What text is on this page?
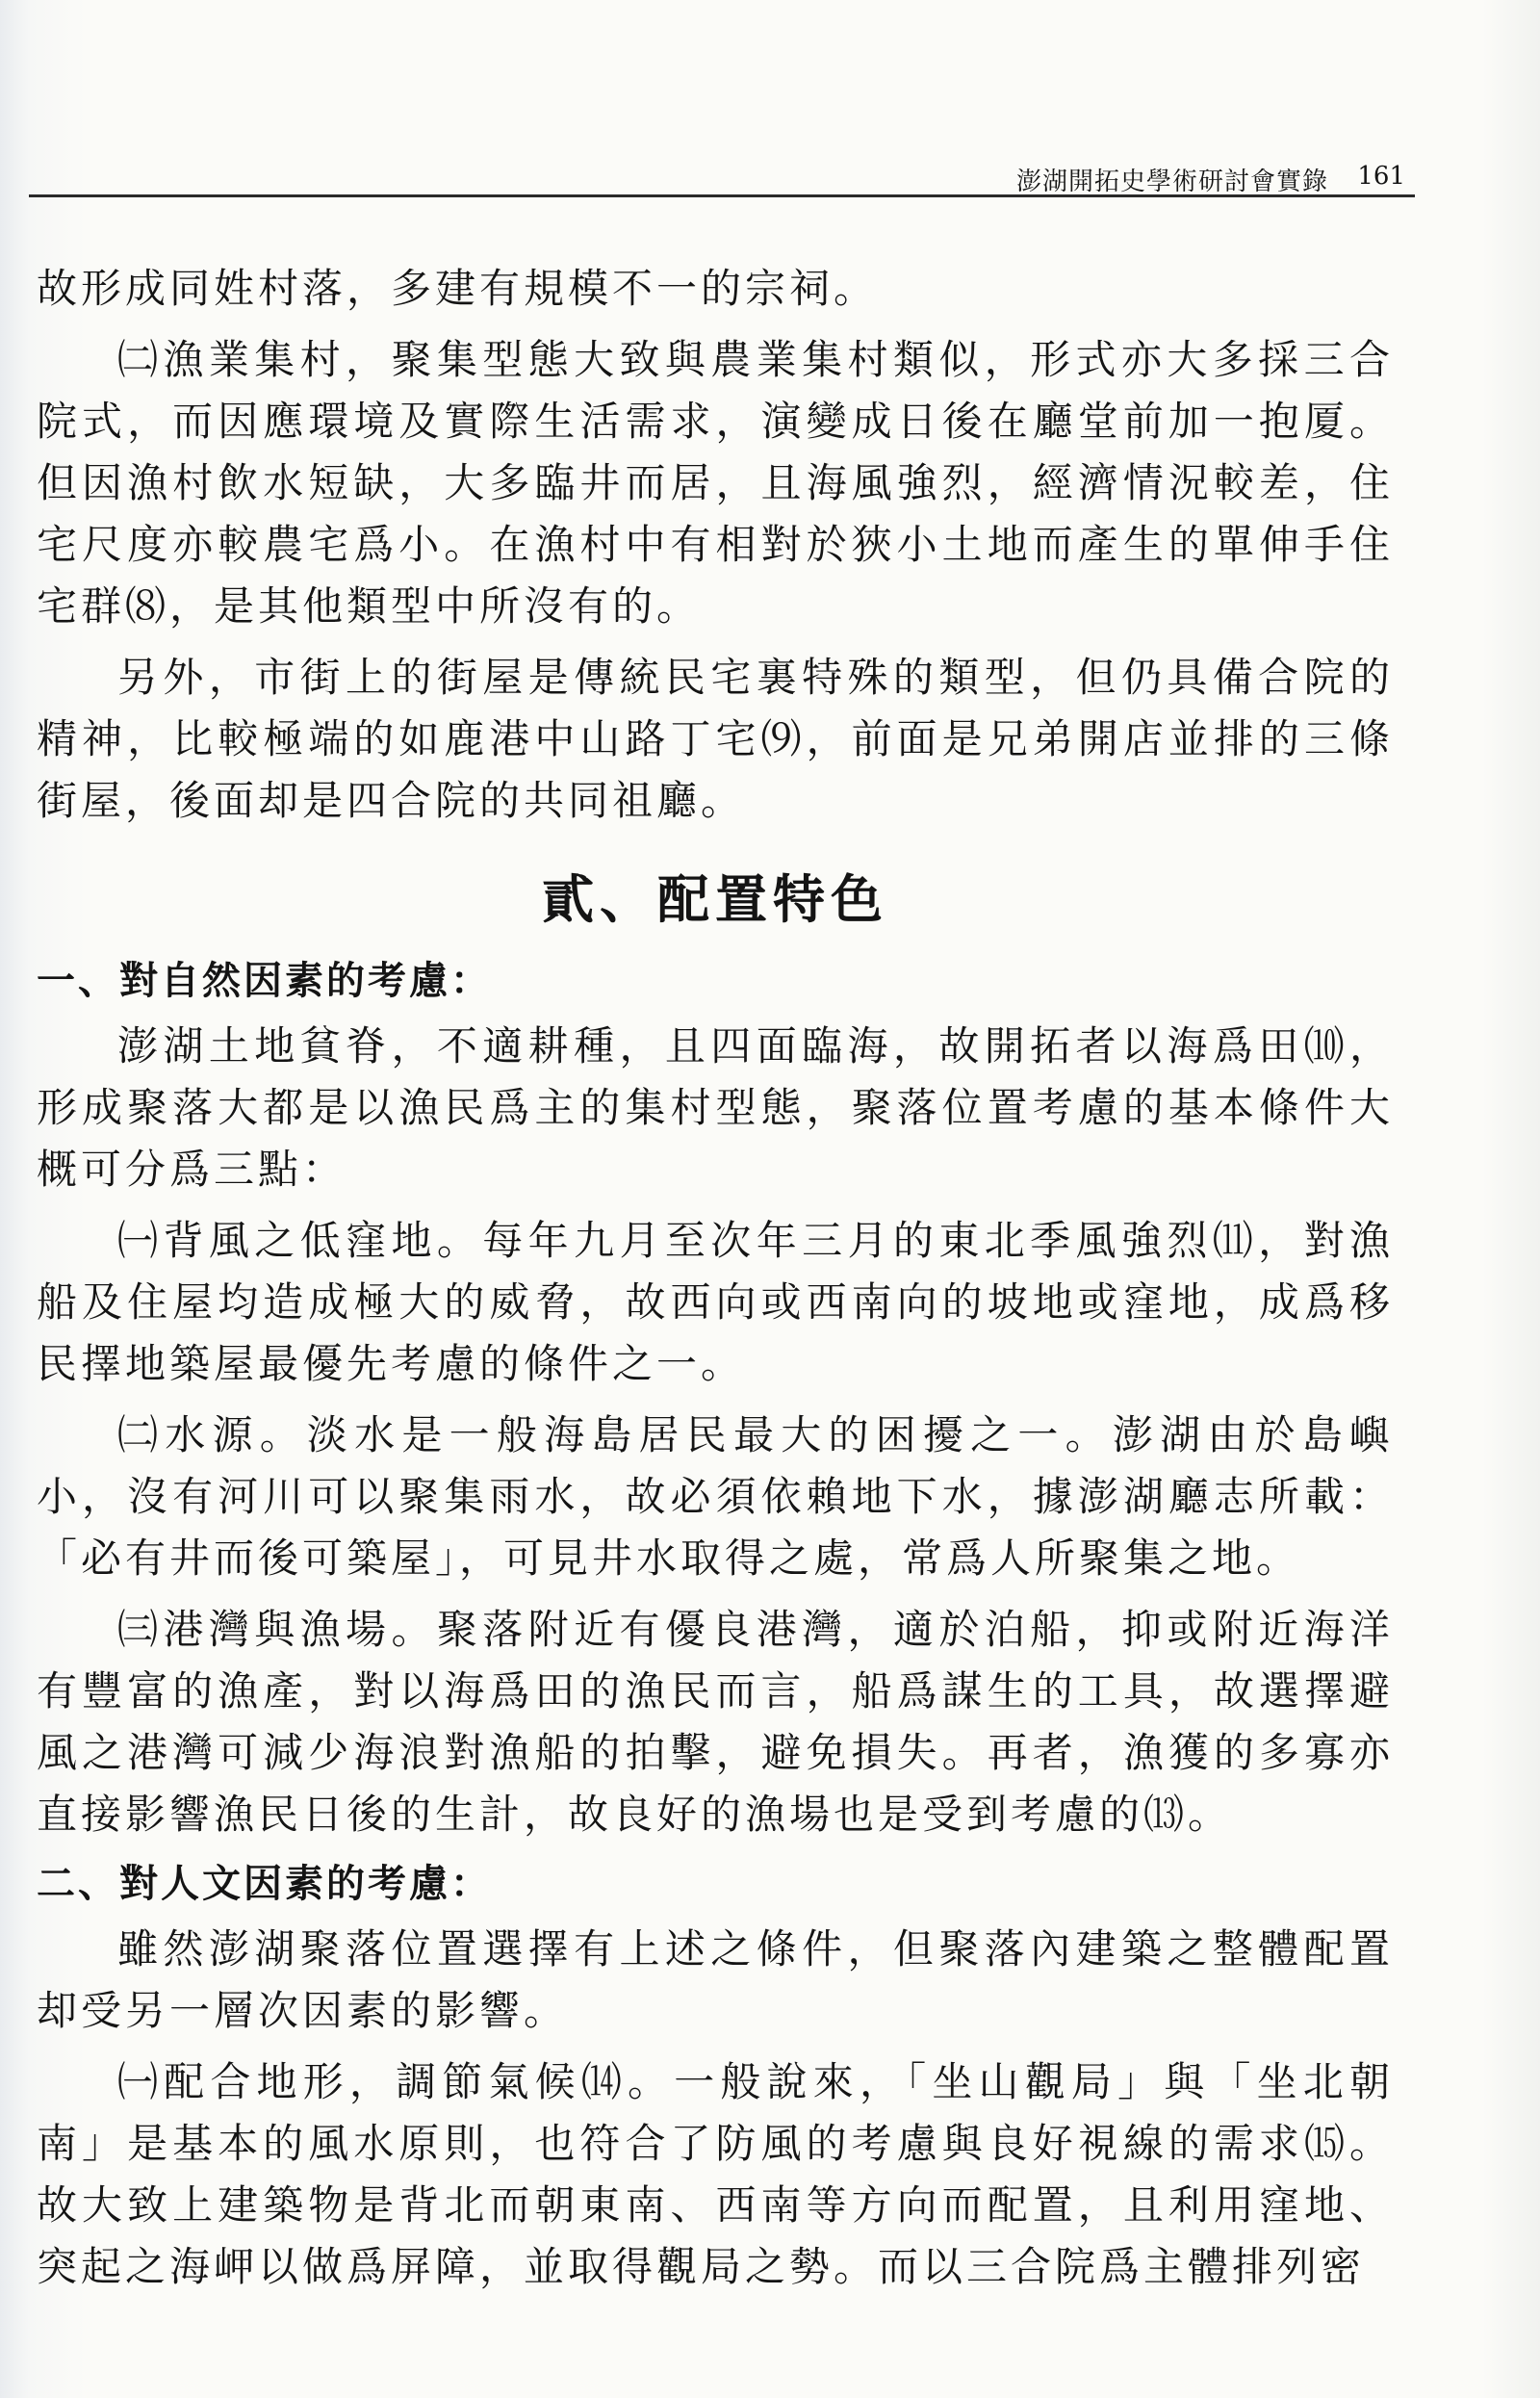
澎湖開拓史學術研討會實錄 161

故形成同姓村落，多建有規模不一的宗祠。

㈡漁業集村，聚集型態大致與農業集村類似，形式亦大多採三合院式，而因應環境及實際生活需求，演變成日後在廳堂前加一抱厦。但因漁村飲水短缺，大多臨井而居，且海風強烈，經濟情況較差，住宅尺度亦較農宅爲小。在漁村中有相對於狹小土地而產生的單伸手住宅群⑻，是其他類型中所沒有的。

另外，市街上的街屋是傳統民宅裏特殊的類型，但仍具備合院的精神，比較極端的如鹿港中山路丁宅⑼，前面是兄弟開店並排的三條街屋，後面却是四合院的共同祖廳。

貳、配置特色
一、對自然因素的考慮：

澎湖土地貧脊，不適耕種，且四面臨海，故開拓者以海爲田⑽，形成聚落大都是以漁民爲主的集村型態，聚落位置考慮的基本條件大概可分爲三點：

㈠背風之低窪地。每年九月至次年三月的東北季風強烈⑾，對漁船及住屋均造成極大的威脅，故西向或西南向的坡地或窪地，成爲移民擇地築屋最優先考慮的條件之一。

㈡水源。淡水是一般海島居民最大的困擾之一。澎湖由於島嶼小，沒有河川可以聚集雨水，故必須依賴地下水，據澎湖廳志所載：「必有井而後可築屋」，可見井水取得之處，常爲人所聚集之地。

㈢港灣與漁場。聚落附近有優良港灣，適於泊船，抑或附近海洋有豐富的漁產，對以海爲田的漁民而言，船爲謀生的工具，故選擇避風之港灣可減少海浪對漁船的拍擊，避免損失。再者，漁獲的多寡亦直接影響漁民日後的生計，故良好的漁場也是受到考慮的⒀。

二、對人文因素的考慮：

雖然澎湖聚落位置選擇有上述之條件，但聚落內建築之整體配置却受另一層次因素的影響。

㈠配合地形，調節氣候⒁。一般說來，「坐山觀局」與「坐北朝南」是基本的風水原則，也符合了防風的考慮與良好視線的需求⒂。故大致上建築物是背北而朝東南、西南等方向而配置，且利用窪地、突起之海岬以做爲屏障，並取得觀局之勢。而以三合院爲主體排列密
